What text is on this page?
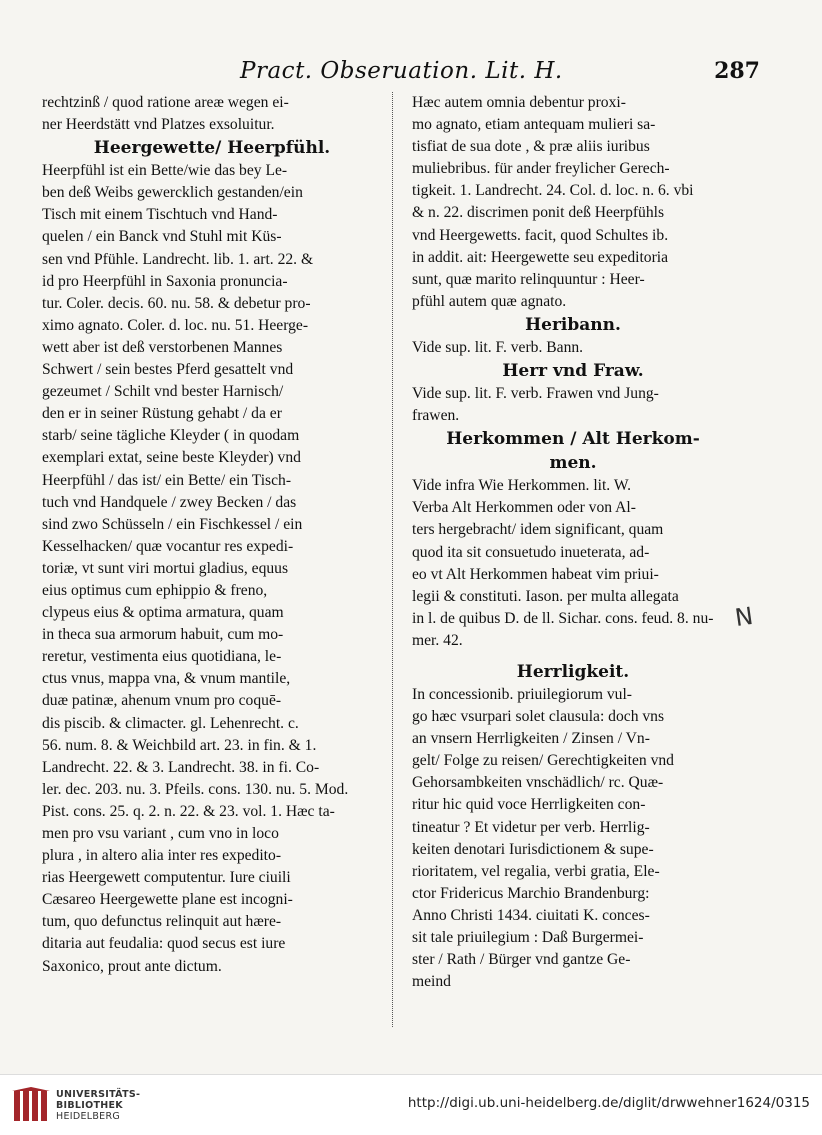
Pract. Obseruation. Lit. H.	287
rechtzinß / quod ratione areæ wegen ei-
ner Heerdstätt vnd Platzes exsoluitur.
Heergewette/ Heerpfühl.
Heerpfühl ist ein Bette/wie das bey Le-
ben deß Weibs gewercklich gestanden/ein
Tisch mit einem Tischtuch vnd Hand-
quelen / ein Banck vnd Stuhl mit Küs-
sen vnd Pfühle. Landrecht. lib. 1. art. 22. &
id pro Heerpfühl in Saxonia pronuncia-
tur. Coler. decis. 60. nu. 58. & debetur pro-
ximo agnato. Coler. d. loc. nu. 51. Heerge-
wett aber ist deß verstorbenen Mannes
Schwert / sein bestes Pferd gesattelt vnd
gezeumet / Schilt vnd bester Harnisch/
den er in seiner Rüstung gehabt / da er
starb/ seine tägliche Kleyder ( in quodam
exemplari extat, seine beste Kleyder) vnd
Heerpfühl / das ist/ ein Bette/ ein Tisch-
tuch vnd Handquele / zwey Becken / das
sind zwo Schüsseln / ein Fischkessel / ein
Kesselhacken/ quæ vocantur res expedi-
toriæ, vt sunt viri mortui gladius, equus
eius optimus cum ephippio & freno,
clypeus eius & optima armatura, quam
in theca sua armorum habuit, cum mo-
reretur, vestimenta eius quotidiana, le-
ctus vnus, mappa vna, & vnum mantile,
duæ patinæ, ahenum vnum pro coquē-
dis piscib. & climacter. gl. Lehenrecht. c.
56. num. 8. & Weichbild art. 23. in fin. & 1.
Landrecht. 22. & 3. Landrecht. 38. in fi. Co-
ler. dec. 203. nu. 3. Pfeils. cons. 130. nu. 5. Mod.
Pist. cons. 25. q. 2. n. 22. & 23. vol. 1. Hæc ta-
men pro vsu variant , cum vno in loco
plura , in altero alia inter res expedito-
rias Heergewett computentur. Iure ciuili
Cæsareo Heergewette plane est incogni-
tum, quo defunctus relinquit aut hære-
ditaria aut feudalia: quod secus est iure
Saxonico, prout ante dictum.
Hæc autem omnia debentur proxi-
mo agnato, etiam antequam mulieri sa-
tisfiat de sua dote , & præ aliis iuribus
muliebribus. für ander freylicher Gerech-
tigkeit. 1. Landrecht. 24. Col. d. loc. n. 6. vbi
& n. 22. discrimen ponit deß Heerpfühls
vnd Heergewetts. facit, quod Schultes ib.
in addit. ait: Heergewette seu expeditoria
sunt, quæ marito relinquuntur : Heer-
pfühl autem quæ agnato.
Heribann.
Vide sup. lit. F. verb. Bann.
Herr vnd Fraw.
Vide sup. lit. F. verb. Frawen vnd Jung-
frawen.
Herkommen / Alt Herkom-
men.
Vide infra Wie Herkommen. lit. W.
Verba Alt Herkommen oder von Al-
ters hergebracht/ idem significant, quam
quod ita sit consuetudo inueterata, ad-
eo vt Alt Herkommen habeat vim priui-
legii & constituti. Iason. per multa allegata
in l. de quibus D. de ll. Sichar. cons. feud. 8. nu-
mer. 42.
Herrligkeit.
In concessionib. priuilegiorum vul-
go hæc vsurpari solet clausula: doch vns
an vnsern Herrligkeiten / Zinsen / Vn-
gelt/ Folge zu reisen/ Gerechtigkeiten vnd
Gehorsambkeiten vnschädlich/ rc. Quæ-
ritur hic quid voce Herrligkeiten con-
tineatur ? Et videtur per verb. Herrlig-
keiten denotari Iurisdictionem & supe-
rioritatem, vel regalia, verbi gratia, Ele-
ctor Fridericus Marchio Brandenburg:
Anno Christi 1434. ciuitati K. conces-
sit tale priuilegium : Daß Burgermei-
ster / Rath / Bürger vnd gantze Ge-
meind
N
UNIVERSITÄTS-
BIBLIOTHEK
HEIDELBERG
http://digi.ub.uni-heidelberg.de/diglit/drwwehner1624/0315
